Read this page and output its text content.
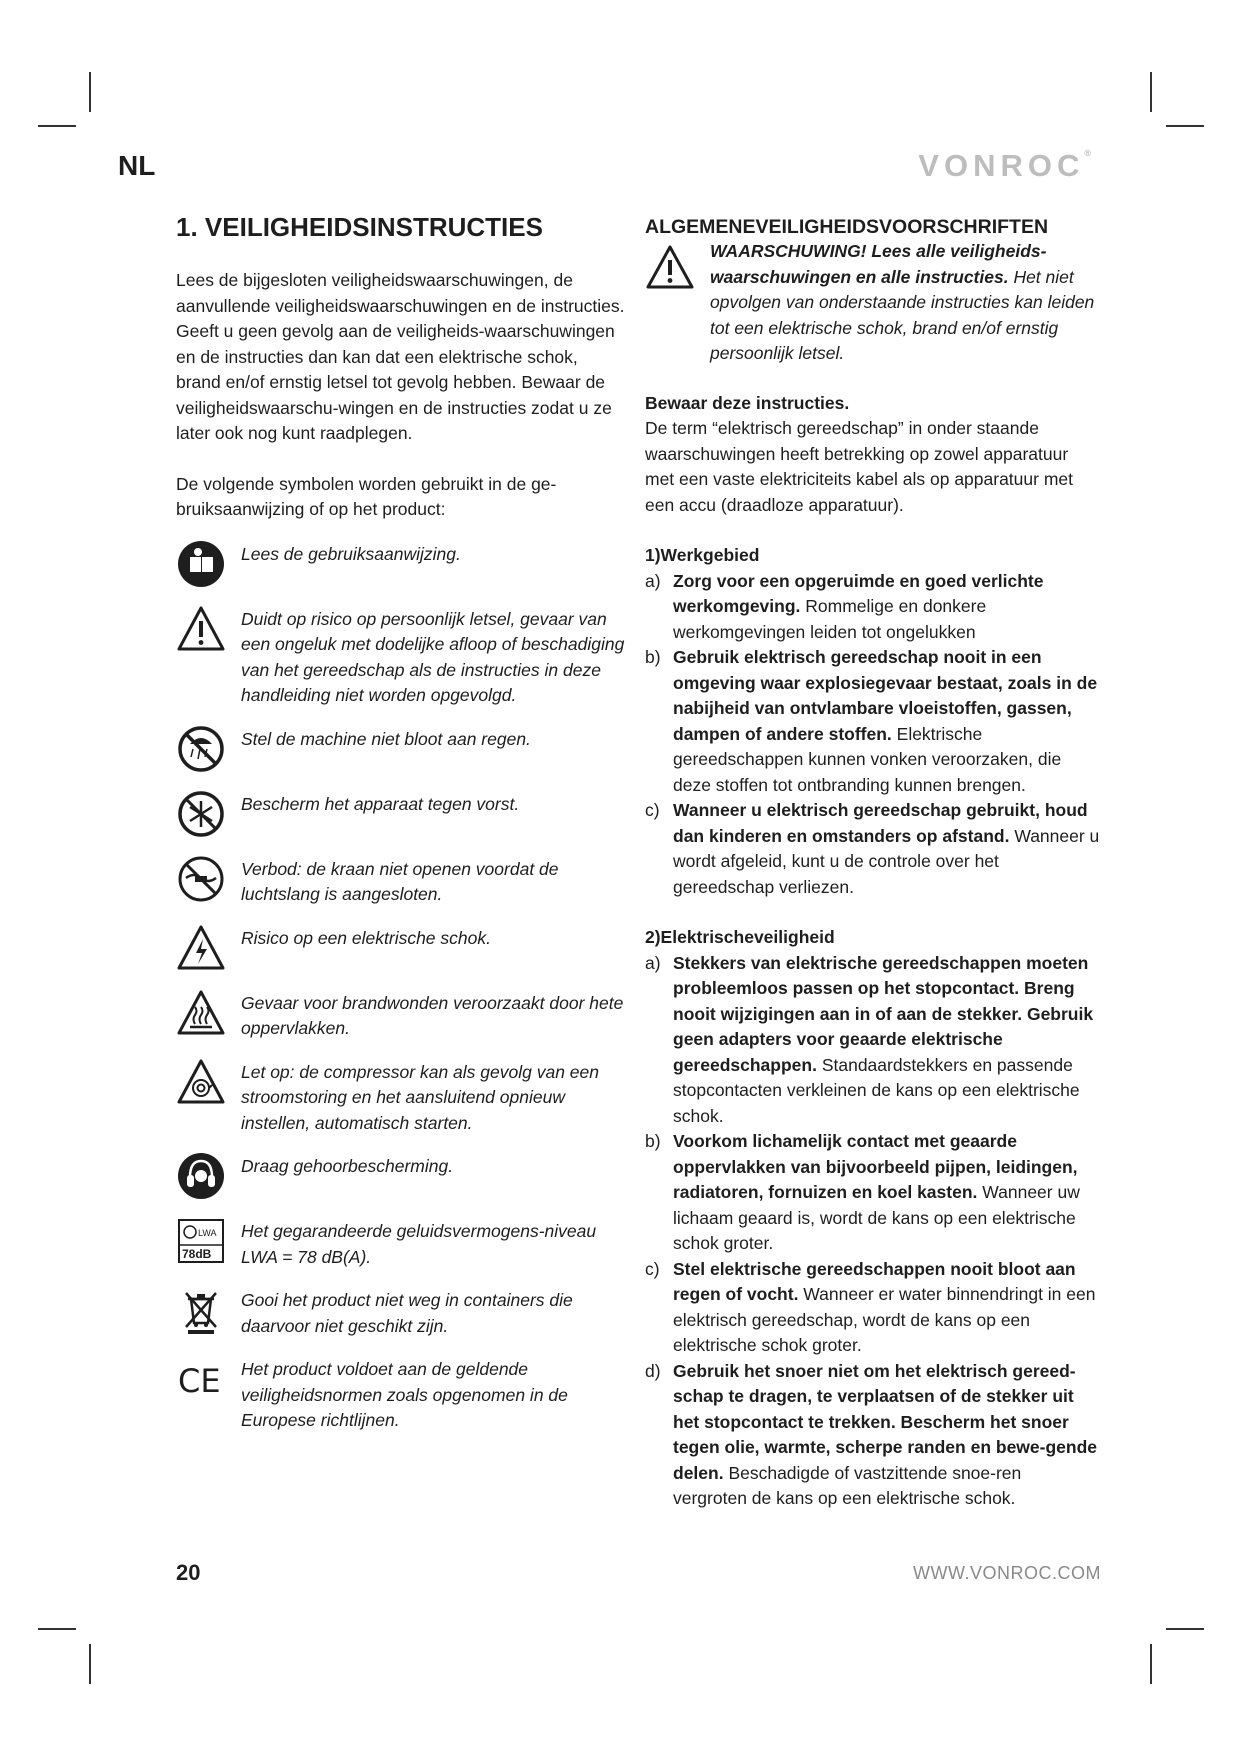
NL	VONROC®
1. VEILIGHEIDSINSTRUCTIES

Lees de bijgesloten veiligheidswaarschuwingen, de aanvullende veiligheidswaarschuwingen en de instructies. Geeft u geen gevolg aan de veiligheids-waarschuwingen en de instructies dan kan dat een elektrische schok, brand en/of ernstig letsel tot gevolg hebben. Bewaar de veiligheidswaarschu-wingen en de instructies zodat u ze later ook nog kunt raadplegen.

De volgende symbolen worden gebruikt in de ge-bruiksaanwijzing of op het product:

Lees de gebruiksaanwijzing.
Duidt op risico op persoonlijk letsel, gevaar van een ongeluk met dodelijke afloop of beschadiging van het gereedschap als de instructies in deze handleiding niet worden opgevolgd.
Stel de machine niet bloot aan regen.
Bescherm het apparaat tegen vorst.
Verbod: de kraan niet openen voordat de luchtslang is aangesloten.
Risico op een elektrische schok.
Gevaar voor brandwonden veroorzaakt door hete oppervlakken.
Let op: de compressor kan als gevolg van een stroomstoring en het aansluitend opnieuw instellen, automatisch starten.
Draag gehoorbescherming.
LWA
78dB
Het gegarandeerde geluidsvermogens-niveau LWA = 78 dB(A).
Gooi het product niet weg in containers die daarvoor niet geschikt zijn.
CE Het product voldoet aan de geldende veiligheidsnormen zoals opgenomen in de Europese richtlijnen.
ALGEMENEVEILIGHEIDSVOORSCHRIFTEN
WAARSCHUWING! Lees alle veiligheids-waarschuwingen en alle instructies. Het niet opvolgen van onderstaande instructies kan leiden tot een elektrische schok, brand en/of ernstig persoonlijk letsel.

Bewaar deze instructies.

De term “elektrisch gereedschap” in onder staande waarschuwingen heeft betrekking op zowel apparatuur met een vaste elektriciteits kabel als op apparatuur met een accu (draadloze apparatuur).

1)Werkgebied

a) Zorg voor een opgeruimde en goed verlichte werkomgeving. Rommelige en donkere werkomgevingen leiden tot ongelukken
b) Gebruik elektrisch gereedschap nooit in een omgeving waar explosiegevaar bestaat, zoals in de nabijheid van ontvlambare vloeistoffen, gassen, dampen of andere stoffen. Elektrische gereedschappen kunnen vonken veroorzaken, die deze stoffen tot ontbranding kunnen brengen.
c) Wanneer u elektrisch gereedschap gebruikt, houd dan kinderen en omstanders op afstand. Wanneer u wordt afgeleid, kunt u de controle over het gereedschap verliezen.

2)Elektrischeveiligheid

a) Stekkers van elektrische gereedschappen moeten probleemloos passen op het stopcontact. Breng nooit wijzigingen aan in of aan de stekker. Gebruik geen adapters voor geaarde elektrische gereedschappen. Standaardstekkers en passende stopcontacten verkleinen de kans op een elektrische schok.
b) Voorkom lichamelijk contact met geaarde oppervlakken van bijvoorbeeld pijpen, leidingen, radiatoren, fornuizen en koel kasten. Wanneer uw lichaam geaard is, wordt de kans op een elektrische schok groter.
c) Stel elektrische gereedschappen nooit bloot aan regen of vocht. Wanneer er water binnendringt in een elektrisch gereedschap, wordt de kans op een elektrische schok groter.
d) Gebruik het snoer niet om het elektrisch gereed-schap te dragen, te verplaatsen of de stekker uit het stopcontact te trekken. Bescherm het snoer tegen olie, warmte, scherpe randen en bewe-gende delen. Beschadigde of vastzittende snoe-ren vergroten de kans op een elektrische schok.
20	WWW.VONROC.COM
